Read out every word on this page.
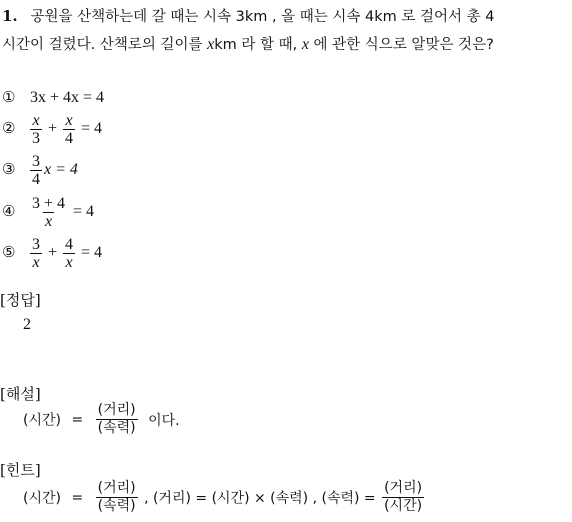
1. 공원을 산책하는데 갈 때는 시속 3km , 올 때는 시속 4km 로 걸어서 총 4
시간이 걸렸다. 산책로의 길이를 xkm 라 할 때, x 에 관한 식으로 알맞은 것은?
① 3x + 4x = 4
② $\frac{x}{3} + \frac{x}{4} = 4$
③ $\frac{3}{4}$ x = 4
④ $\frac{3 + 4}{x} = 4$
⑤ $\frac{3}{x} + \frac{4}{x} = 4$
[정답]
2
[해설]
(시간) = $\frac{\text{(거리)}}{\text{(속력)}}$ 이다.
[힌트]
(시간) = $\frac{\text{(거리)}}{\text{(속력)}}$ , (거리) = (시간) × (속력) , (속력) = $\frac{\text{(거리)}}{\text{(시간)}}$
